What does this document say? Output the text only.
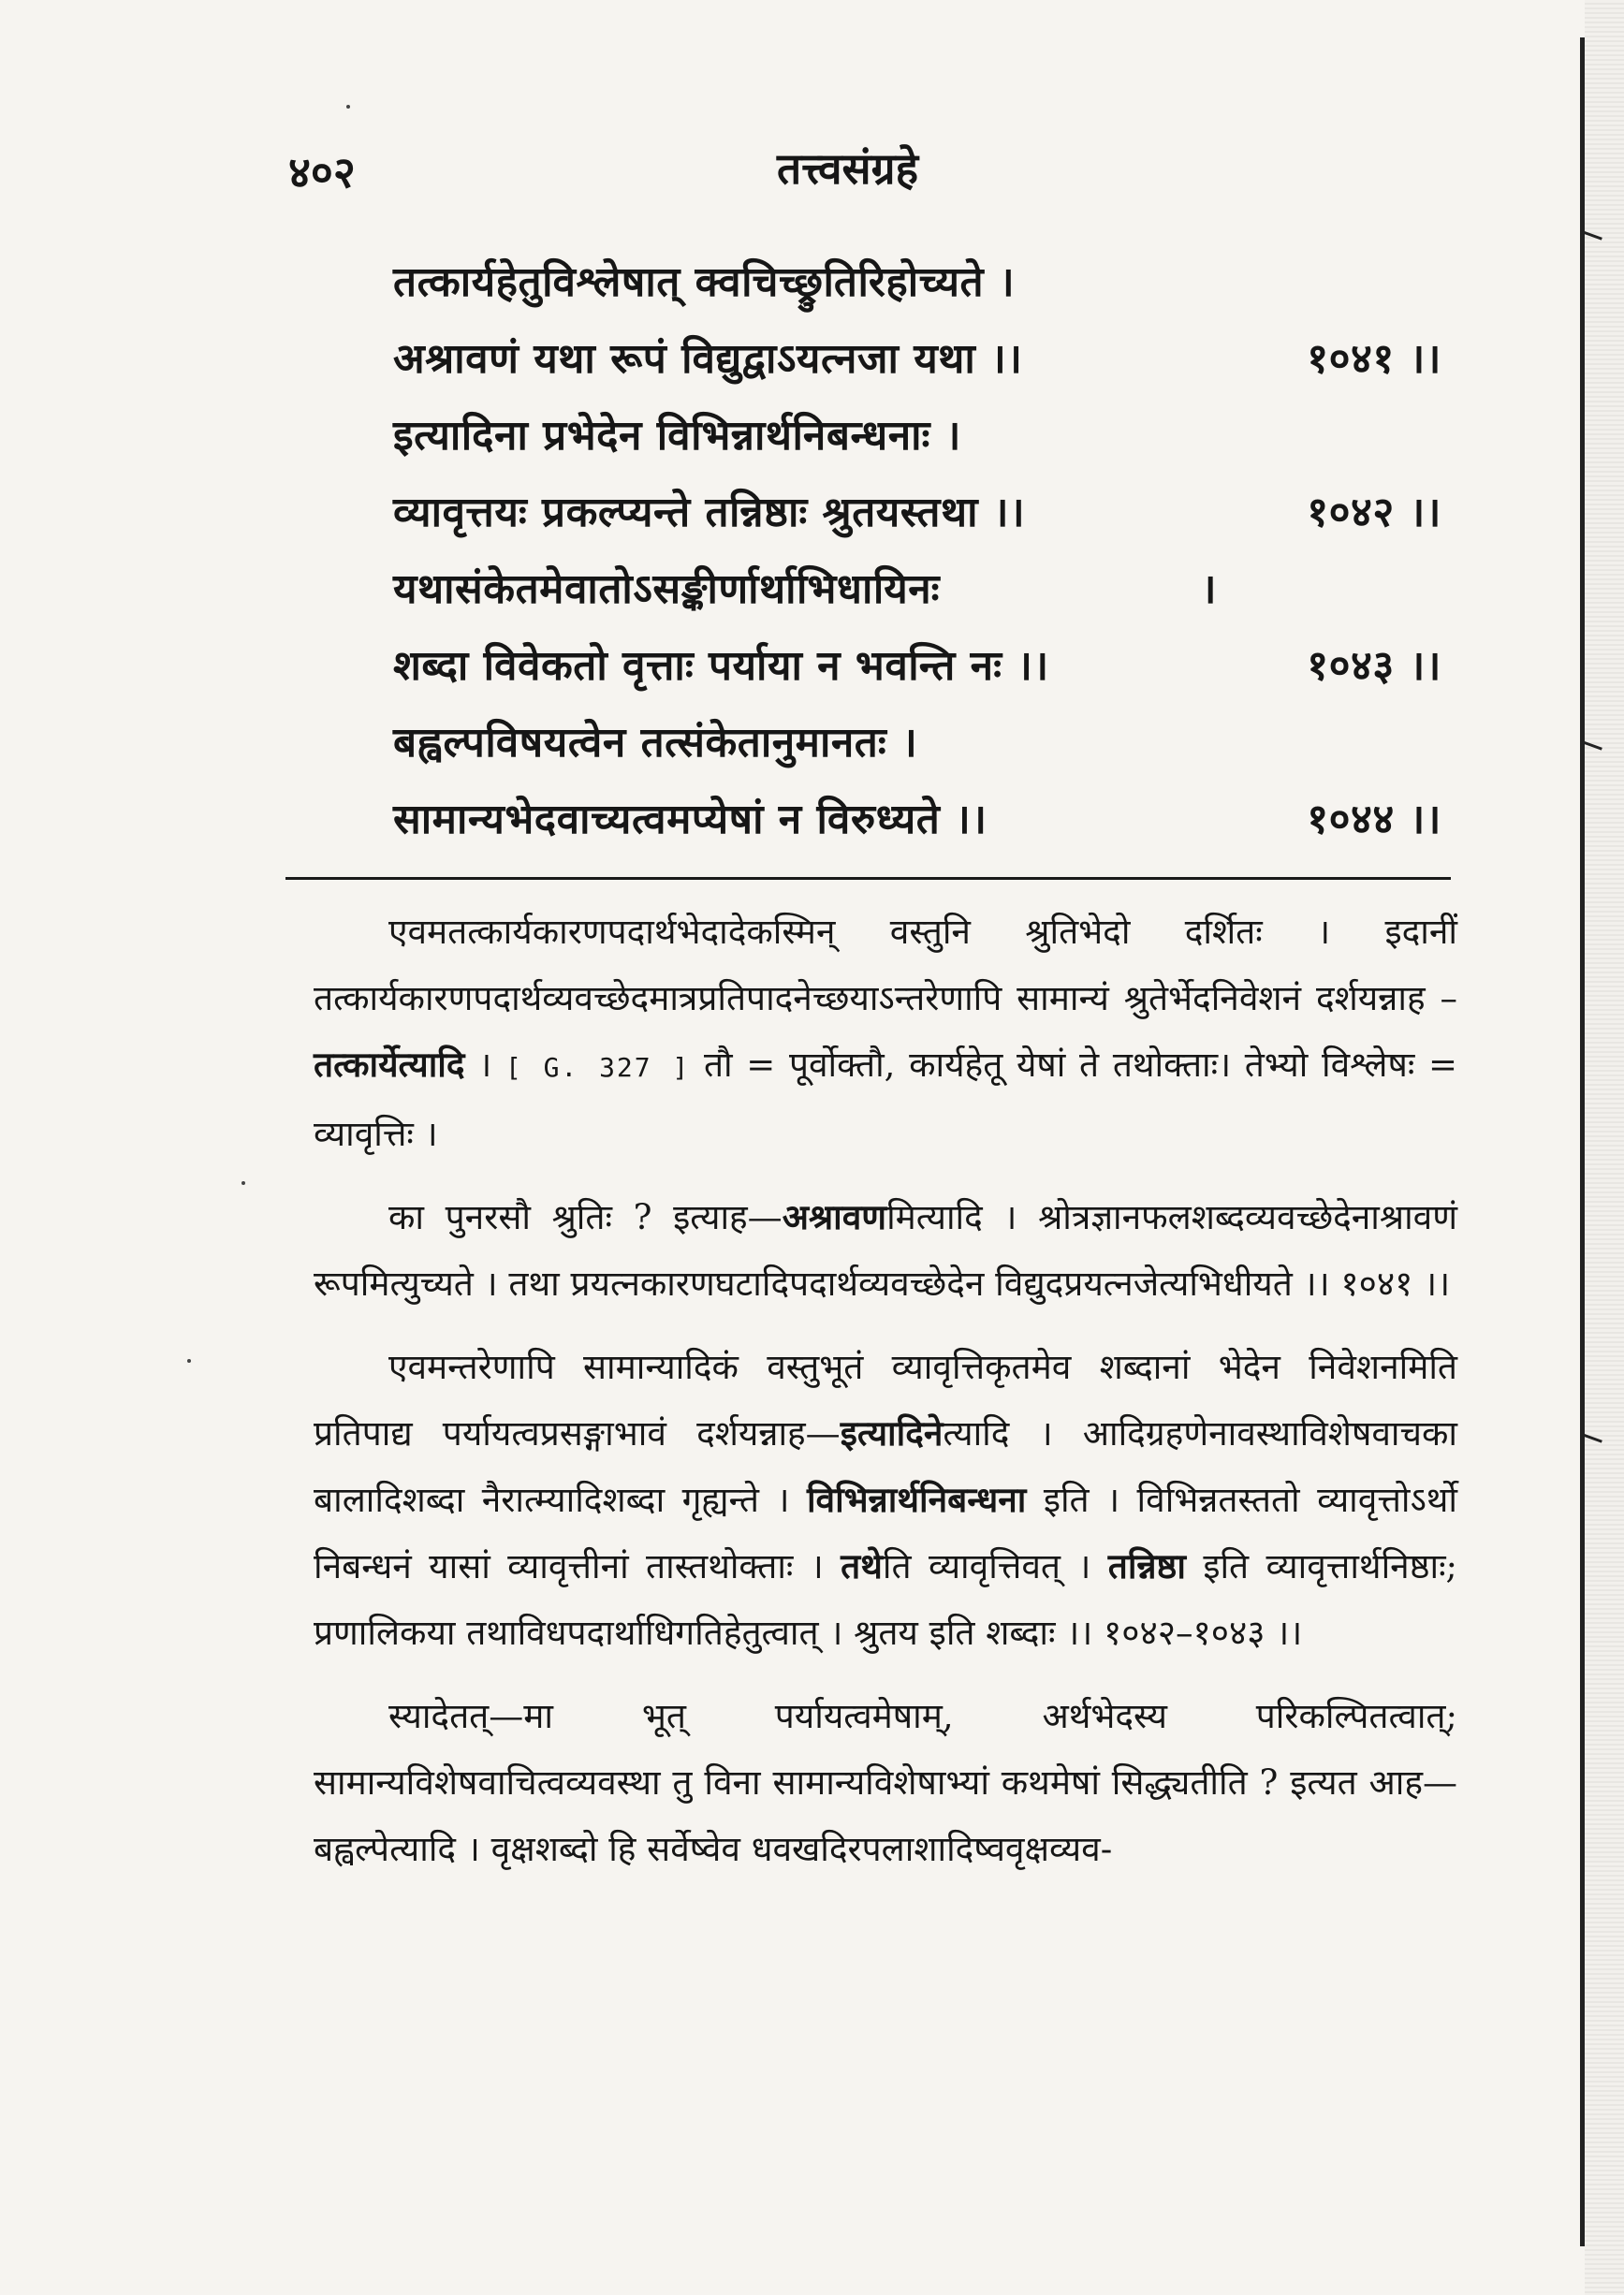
४०२	तत्त्वसंग्रहे
तत्कार्यहेतुविश्लेषात् क्वचिच्छ्रुतिरिहोच्यते ।
अश्रावणं यथा रूपं विद्युद्वाऽयत्नजा यथा ।।	१०४१ ।।
इत्यादिना प्रभेदेन विभिन्नार्थनिबन्धनाः ।
व्यावृत्तयः प्रकल्प्यन्ते तन्निष्ठाः श्रुतयस्तथा ।।	१०४२ ।।
यथासंकेतमेवातोऽसङ्कीर्णार्थाभिधायिनः	।
शब्दा विवेकतो वृत्ताः पर्याया न भवन्ति नः ।।	१०४३ ।।
बह्वल्पविषयत्वेन तत्संकेतानुमानतः ।
सामान्यभेदवाच्यत्वमप्येषां न विरुध्यते ।।	१०४४ ।।

एवमतत्कार्यकारणपदार्थभेदादेकस्मिन् वस्तुनि श्रुतिभेदो दर्शितः । इदानीं तत्कार्यकारणपदार्थव्यवच्छेदमात्रप्रतिपादनेच्छयाऽन्तरेणापि सामान्यं श्रुतेर्भेदनिवेशनं दर्शयन्नाह – तत्कार्येत्यादि । [ G. 327 ] तौ = पूर्वोक्तौ, कार्यहेतू येषां ते तथोक्ताः। तेभ्यो विश्लेषः = व्यावृत्तिः ।

का पुनरसौ श्रुतिः ? इत्याह—अश्रावणमित्यादि । श्रोत्रज्ञानफलशब्दव्यवच्छेदेनाश्रावणं रूपमित्युच्यते । तथा प्रयत्नकारणघटादिपदार्थव्यवच्छेदेन विद्युदप्रयत्नजेत्यभिधीयते ।। १०४१ ।।

एवमन्तरेणापि सामान्यादिकं वस्तुभूतं व्यावृत्तिकृतमेव शब्दानां भेदेन निवेशनमिति प्रतिपाद्य पर्यायत्वप्रसङ्गाभावं दर्शयन्नाह—इत्यादिनेत्यादि । आदिग्रहणेनावस्थाविशेषवाचका बालादिशब्दा नैरात्म्यादिशब्दा गृह्यन्ते । विभिन्नार्थनिबन्धना इति । विभिन्नतस्ततो व्यावृत्तोऽर्थो निबन्धनं यासां व्यावृत्तीनां तास्तथोक्ताः । तथेति व्यावृत्तिवत् । तन्निष्ठा इति व्यावृत्तार्थनिष्ठाः; प्रणालिकया तथाविधपदार्थाधिगतिहेतुत्वात् । श्रुतय इति शब्दाः ।। १०४२–१०४३ ।।

स्यादेतत्—मा भूत् पर्यायत्वमेषाम्, अर्थभेदस्य परिकल्पितत्वात्; सामान्यविशेषवाचित्वव्यवस्था तु विना सामान्यविशेषाभ्यां कथमेषां सिद्ध्यतीति ? इत्यत आह—बह्वल्पेत्यादि । वृक्षशब्दो हि सर्वेष्वेव धवखदिरपलाशादिष्ववृक्षव्यव-
